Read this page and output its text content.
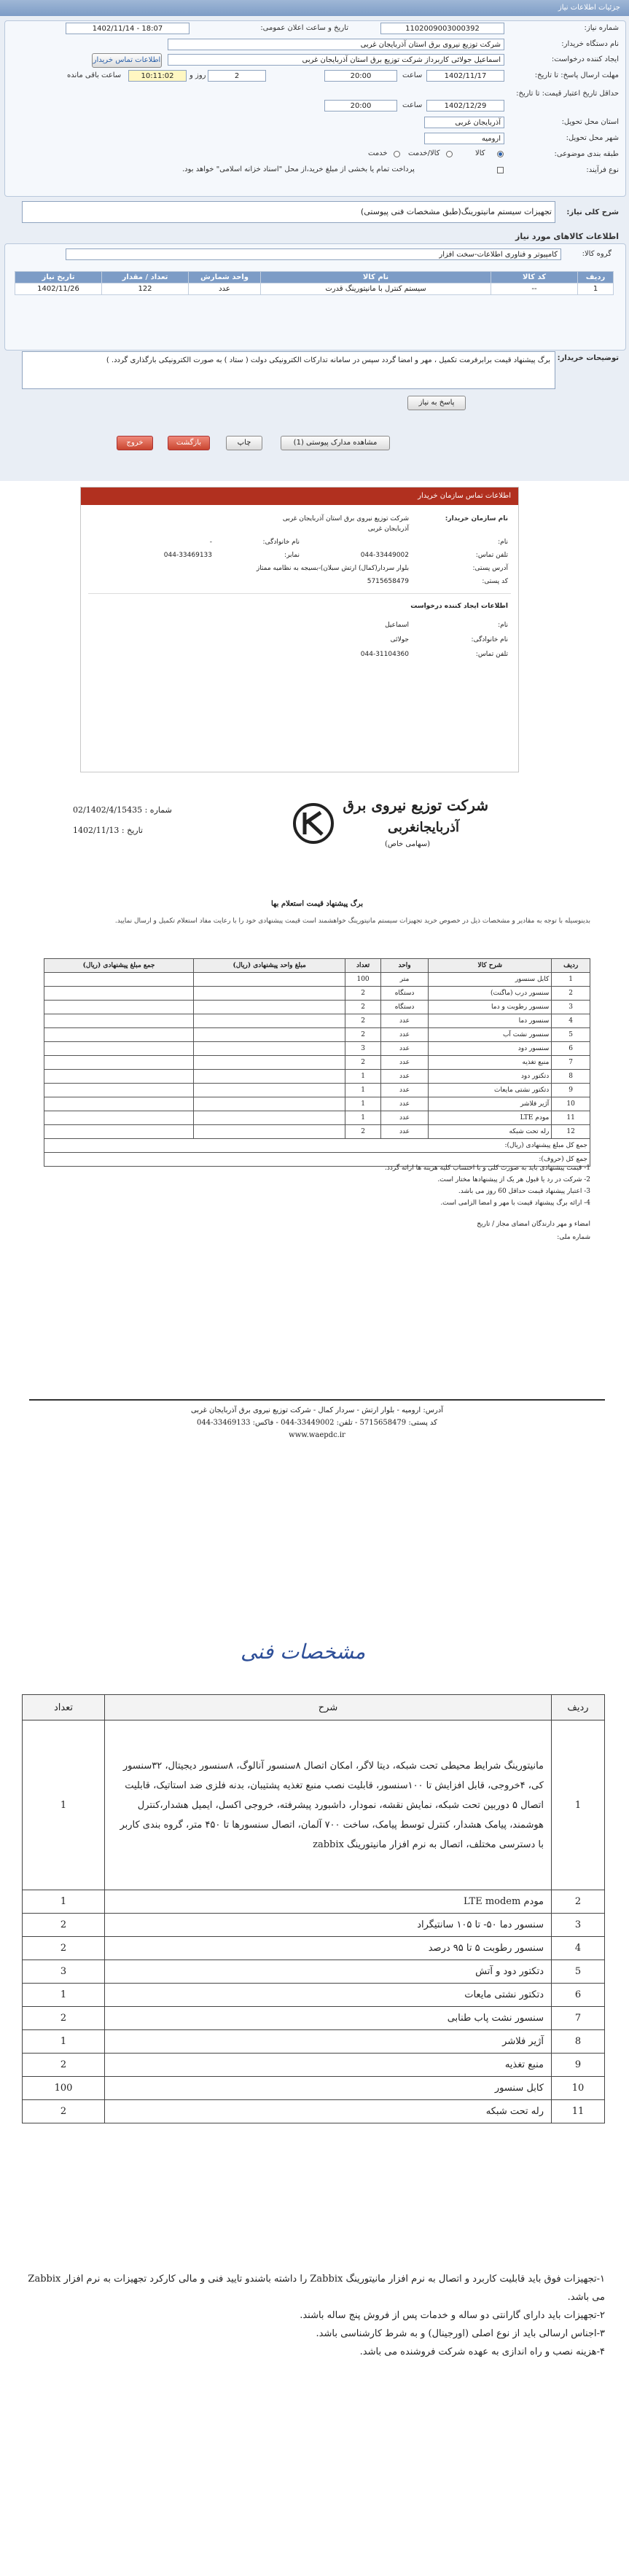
جزئیات اطلاعات نیاز
شماره نیاز:
1102009003000392
تاریخ و ساعت اعلان عمومی:
1402/11/14 - 18:07
نام دستگاه خریدار:
شرکت توزیع نیروی برق استان آذربایجان غربی
ایجاد کننده درخواست:
اسماعیل جولائی کاربرداز شرکت توزیع برق استان آذربایجان غربی
اطلاعات تماس خریدار
مهلت ارسال پاسخ: تا تاریخ:
1402/11/17
ساعت
20:00
2
روز و
10:11:02
ساعت باقی مانده
حداقل تاریخ اعتبار قیمت: تا تاریخ:
1402/12/29
ساعت
20:00
استان محل تحویل:
آذربایجان غربی
شهر محل تحویل:
ارومیه
طبقه بندی موضوعی:
کالا
کالا/خدمت
خدمت
نوع فرآیند:
پرداخت تمام یا بخشی از مبلغ خرید،از محل "اسناد خزانه اسلامی" خواهد بود.
شرح کلی نیاز:
تجهیزات سیستم مانیتورینگ(طبق مشخصات فنی پیوستی)
اطلاعات کالاهای مورد نیاز
گروه کالا:
کامپیوتر و فناوری اطلاعات-سخت افزار
ردیف	کد کالا	نام کالا	واحد شمارش	تعداد / مقدار	تاریخ نیاز
1	--	سیستم کنترل با مانیتورینگ قدرت	عدد	122	1402/11/26
توضیحات خریدار:
برگ پیشنهاد قیمت برابرفرمت تکمیل ، مهر و امضا گردد سپس در سامانه تدارکات الکترونیکی دولت ( ستاد ) به صورت الکترونیکی بارگذاری گردد. )
پاسخ به نیاز
مشاهده مدارک پیوستی (1)
چاپ
بازگشت
خروج
اطلاعات تماس سازمان خریدار
نام سازمان خریدار:
شرکت توزیع نیروی برق استان آذربایجان غربی
آذربایجان غربی
نام:
نام خانوادگی:
-
تلفن تماس:
044-33449002
نمابر:
044-33469133
آدرس پستی:
بلوار سردار(کمال) ارتش سبلان)-بسیجه به نظامیه ممتاز
کد پستی:
5715658479
اطلاعات ایجاد کننده درخواست
نام:
اسماعیل
نام خانوادگی:
جولائی
تلفن تماس:
044-31104360
شرکت توزیع نیروی برق
آذربایجانغربی
(سهامی خاص)
شماره : 02/1402/4/15435
تاریخ : 1402/11/13
برگ پیشنهاد قیمت استعلام بها
بدینوسیله با توجه به مقادیر و مشخصات ذیل در خصوص خرید تجهیزات سیستم مانیتورینگ خواهشمند است قیمت پیشنهادی خود را با رعایت مفاد استعلام تکمیل و ارسال نمایید.
ردیف	شرح کالا	واحد	تعداد	مبلغ واحد پیشنهادی (ریال)	جمع مبلغ پیشنهادی (ریال)
1	کابل سنسور	متر	100		
2	سنسور درب (ماگنت)	دستگاه	2		
3	سنسور رطوبت و دما	دستگاه	2		
4	سنسور دما	عدد	2		
5	سنسور نشت آب	عدد	2		
6	سنسور دود	عدد	3		
7	منبع تغذیه	عدد	2		
8	دتکتور دود	عدد	1		
9	دتکتور نشتی مایعات	عدد	1		
10	آژیر فلاشر	عدد	1		
11	مودم LTE	عدد	1		
12	رله تحت شبکه	عدد	2		
جمع کل مبلغ پیشنهادی (ریال):					
جمع کل (حروف):					
1- قیمت پیشنهادی باید به صورت کلی و با احتساب کلیه هزینه ها ارائه گردد.
2- شرکت در رد یا قبول هر یک از پیشنهادها مختار است.
3- اعتبار پیشنهاد قیمت حداقل 60 روز می باشد.
4- ارائه برگ پیشنهاد قیمت با مهر و امضا الزامی است.
امضاء و مهر دارندگان امضای مجاز / تاریخ
شماره ملی:
آدرس: ارومیه - بلوار ارتش - سردار کمال - شرکت توزیع نیروی برق آذربایجان غربی
کد پستی: 5715658479 - تلفن: 33449002-044 - فاکس: 33469133-044
www.waepdc.ir
مشخصات فنی
ردیف	شرح	تعداد
1	مانیتورینگ شرایط محیطی تحت شبکه، دیتا لاگر، امکان اتصال ۸سنسور آنالوگ، ۸سنسور دیجیتال، ۳۲سنسور کی، ۴خروجی، قابل افزایش تا ۱۰۰سنسور، قابلیت نصب منبع تغذیه پشتیبان، بدنه فلزی ضد استاتیک، قابلیت اتصال ۵ دوربین تحت شبکه، نمایش نقشه، نمودار، داشبورد پیشرفته، خروجی اکسل، ایمیل هشدار،کنترل هوشمند، پیامک هشدار، کنترل توسط پیامک، ساخت ۷۰۰ آلمان، اتصال سنسورها تا ۴۵۰ متر، گروه بندی کاربر با دسترسی مختلف، اتصال به نرم افزار مانیتورینگ zabbix	1
2	مودم LTE modem	1
3	سنسور دما ۵۰- تا ۱۰۵ سانتیگراد	2
4	سنسور رطوبت ۵ تا ۹۵ درصد	2
5	دتکتور دود و آتش	3
6	دتکتور نشتی مایعات	1
7	سنسور نشت پاب طنابی	2
8	آژیر فلاشر	1
9	منبع تغذیه	2
10	کابل سنسور	100
11	رله تحت شبکه	2
۱-تجهیزات فوق باید قابلیت کاربرد و اتصال به نرم افزار مانیتورینگ Zabbix را داشته باشندو تایید فنی و مالی کارکرد تجهیزات به نرم افزار Zabbix می باشد.
۲-تجهیزات باید دارای گارانتی دو ساله و خدمات پس از فروش پنج ساله باشند.
۳-اجناس ارسالی باید از نوع اصلی (اورجینال) و به شرط کارشناسی باشد.
۴-هزینه نصب و راه اندازی به عهده شرکت فروشنده می باشد.
